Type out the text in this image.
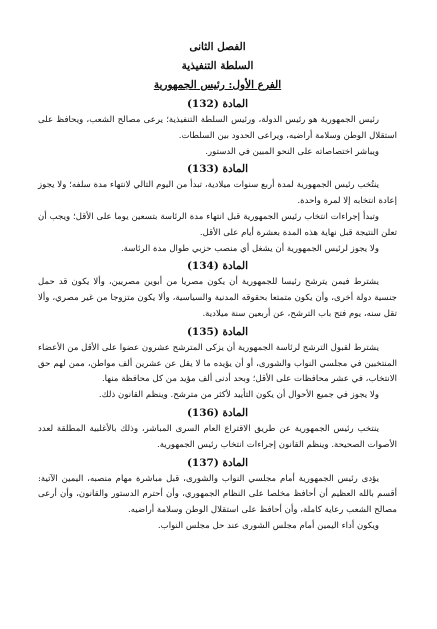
الفصل الثانى

السلطة التنفيذية

الفرع الأول: رئيس الجمهورية

المادة (132)

رئيس الجمهورية هو رئيس الدولة، ورئيس السلطة التنفيذية؛ يرعى مصالح الشعب، ويحافظ على استقلال الوطن وسلامة أراضيه، ويراعى الحدود بين السلطات.

ويباشر اختصاصاته على النحو المبين في الدستور.

المادة (133)

ينتُخب رئيس الجمهورية لمدة أربع سنوات ميلادية، تبدأ من اليوم التالي لانتهاء مدة سلفه؛ ولا يجوز إعادة انتخابه إلا لمرة واحدة.

وتبدأ إجراءات انتخاب رئيس الجمهورية قبل انتهاء مدة الرئاسة بتسعين يوما على الأقل؛ ويجب أن تعلن النتيجة قبل نهاية هذه المدة بعشرة أيام على الأقل.

ولا يجوز لرئيس الجمهورية أن يشغل أي منصب حزبي طوال مدة الرئاسة.

المادة (134)

يشترط فيمن يترشح رئيسا للجمهورية أن يكون مصريا من أبوين مصريين، وألا يكون قد حمل جنسية دولة أخرى، وأن يكون متمتعا بحقوقه المدنية والسياسية، وألا يكون متزوجا من غير مصري، وألا تقل سنه، يوم فتح باب الترشح، عن أربعين سنة ميلادية.

المادة (135)

يشترط لقبول الترشح لرئاسة الجمهورية أن يزكى المترشح عشرون عضوا على الأقل من الأعضاء المنتخبين في مجلسي النواب والشورى، أو أن يؤيده ما لا يقل عن عشرين ألف مواطن، ممن لهم حق الانتخاب، في عشر محافظات على الأقل؛ وبحد أدنى ألف مؤيد من كل محافظة منها.

ولا يجوز في جميع الأحوال أن يكون التأييد لأكثر من مترشح. وينظم القانون ذلك.

المادة (136)

ينتخب رئيس الجمهورية عن طريق الاقتراع العام السرى المباشر، وذلك بالأغلبية المطلقة لعدد الأصوات الصحيحة. وينظم القانون إجراءات انتخاب رئيس الجمهورية.

المادة (137)

يؤدى رئيس الجمهورية أمام مجلسي النواب والشورى، قبل مباشرة مهام منصبه، اليمين الآتية: أقسم بالله العظيم أن أحافظ مخلصا على النظام الجمهوري، وأن أحترم الدستور والقانون، وأن أرعى مصالح الشعب رعاية كاملة، وأن أحافظ على استقلال الوطن وسلامة أراضيه.

ويكون أداء اليمين أمام مجلس الشورى عند حل مجلس النواب.
